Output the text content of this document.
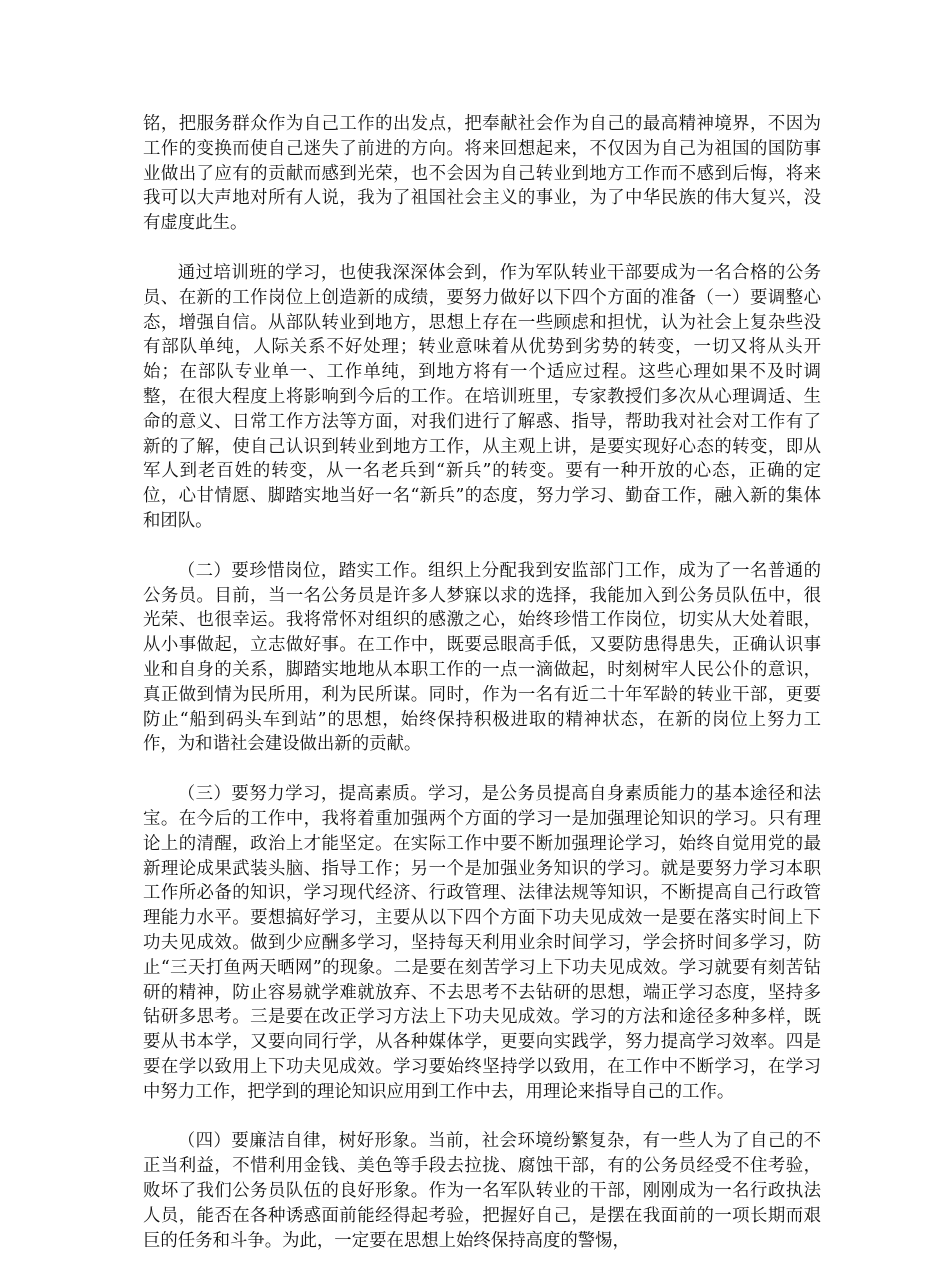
铭，把服务群众作为自己工作的出发点，把奉献社会作为自己的最高精神境界，不因为工作的变换而使自己迷失了前进的方向。将来回想起来，不仅因为自己为祖国的国防事业做出了应有的贡献而感到光荣，也不会因为自己转业到地方工作而不感到后悔，将来我可以大声地对所有人说，我为了祖国社会主义的事业，为了中华民族的伟大复兴，没有虚度此生。

通过培训班的学习，也使我深深体会到，作为军队转业干部要成为一名合格的公务员、在新的工作岗位上创造新的成绩，要努力做好以下四个方面的准备（一）要调整心态，增强自信。从部队转业到地方，思想上存在一些顾虑和担忧，认为社会上复杂些没有部队单纯，人际关系不好处理；转业意味着从优势到劣势的转变，一切又将从头开始；在部队专业单一、工作单纯，到地方将有一个适应过程。这些心理如果不及时调整，在很大程度上将影响到今后的工作。在培训班里，专家教授们多次从心理调适、生命的意义、日常工作方法等方面，对我们进行了解惑、指导，帮助我对社会对工作有了新的了解，使自己认识到转业到地方工作，从主观上讲，是要实现好心态的转变，即从军人到老百姓的转变，从一名老兵到“新兵”的转变。要有一种开放的心态，正确的定位，心甘情愿、脚踏实地当好一名“新兵”的态度，努力学习、勤奋工作，融入新的集体和团队。

（二）要珍惜岗位，踏实工作。组织上分配我到安监部门工作，成为了一名普通的公务员。目前，当一名公务员是许多人梦寐以求的选择，我能加入到公务员队伍中，很光荣、也很幸运。我将常怀对组织的感激之心，始终珍惜工作岗位，切实从大处着眼，从小事做起，立志做好事。在工作中，既要忌眼高手低，又要防患得患失，正确认识事业和自身的关系，脚踏实地地从本职工作的一点一滴做起，时刻树牢人民公仆的意识，真正做到情为民所用，利为民所谋。同时，作为一名有近二十年军龄的转业干部，更要防止“船到码头车到站”的思想，始终保持积极进取的精神状态，在新的岗位上努力工作，为和谐社会建设做出新的贡献。

（三）要努力学习，提高素质。学习，是公务员提高自身素质能力的基本途径和法宝。在今后的工作中，我将着重加强两个方面的学习一是加强理论知识的学习。只有理论上的清醒，政治上才能坚定。在实际工作中要不断加强理论学习，始终自觉用党的最新理论成果武装头脑、指导工作；另一个是加强业务知识的学习。就是要努力学习本职工作所必备的知识，学习现代经济、行政管理、法律法规等知识，不断提高自己行政管理能力水平。要想搞好学习，主要从以下四个方面下功夫见成效一是要在落实时间上下功夫见成效。做到少应酬多学习，坚持每天利用业余时间学习，学会挤时间多学习，防止“三天打鱼两天晒网”的现象。二是要在刻苦学习上下功夫见成效。学习就要有刻苦钻研的精神，防止容易就学难就放弃、不去思考不去钻研的思想，端正学习态度，坚持多钻研多思考。三是要在改正学习方法上下功夫见成效。学习的方法和途径多种多样，既要从书本学，又要向同行学，从各种媒体学，更要向实践学，努力提高学习效率。四是要在学以致用上下功夫见成效。学习要始终坚持学以致用，在工作中不断学习，在学习中努力工作，把学到的理论知识应用到工作中去，用理论来指导自己的工作。

（四）要廉洁自律，树好形象。当前，社会环境纷繁复杂，有一些人为了自己的不正当利益，不惜利用金钱、美色等手段去拉拢、腐蚀干部，有的公务员经受不住考验，败坏了我们公务员队伍的良好形象。作为一名军队转业的干部，刚刚成为一名行政执法人员，能否在各种诱惑面前能经得起考验，把握好自己，是摆在我面前的一项长期而艰巨的任务和斗争。为此，一定要在思想上始终保持高度的警惕，
